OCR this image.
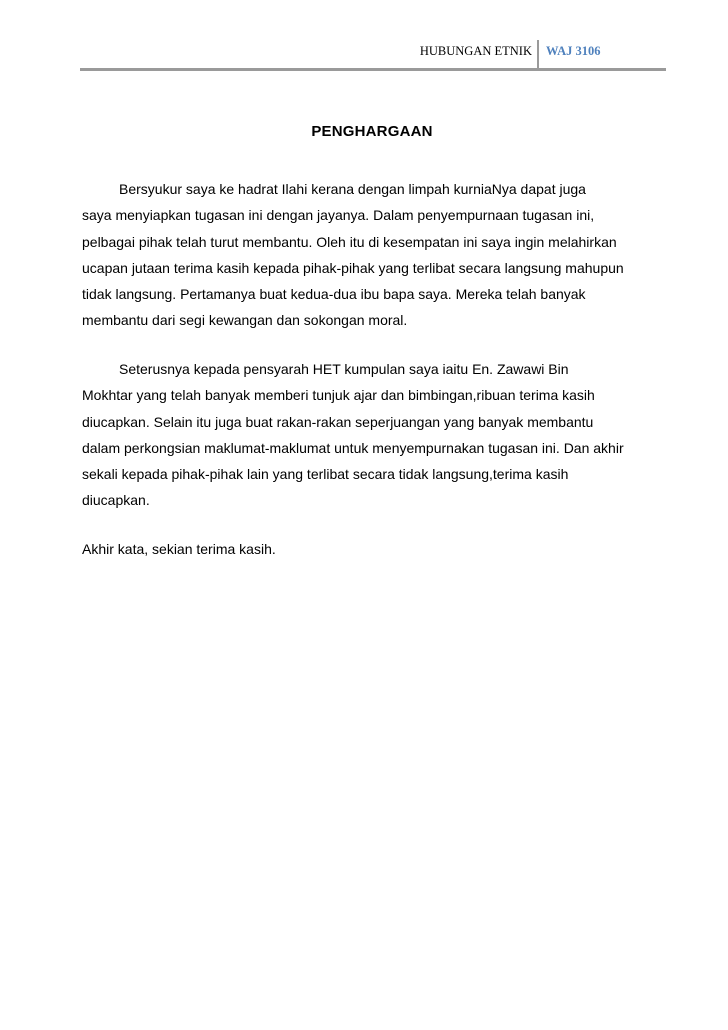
HUBUNGAN ETNIK WAJ 3106
PENGHARGAAN

Bersyukur saya ke hadrat Ilahi kerana dengan limpah kurniaNya dapat juga
saya menyiapkan tugasan ini dengan jayanya. Dalam penyempurnaan tugasan ini,
pelbagai pihak telah turut membantu. Oleh itu di kesempatan ini saya ingin melahirkan
ucapan jutaan terima kasih kepada pihak-pihak yang terlibat secara langsung mahupun
tidak langsung. Pertamanya buat kedua-dua ibu bapa saya. Mereka telah banyak
membantu dari segi kewangan dan sokongan moral.

Seterusnya kepada pensyarah HET kumpulan saya iaitu En. Zawawi Bin
Mokhtar yang telah banyak memberi tunjuk ajar dan bimbingan,ribuan terima kasih
diucapkan. Selain itu juga buat rakan-rakan seperjuangan yang banyak membantu
dalam perkongsian maklumat-maklumat untuk menyempurnakan tugasan ini. Dan akhir
sekali kepada pihak-pihak lain yang terlibat secara tidak langsung,terima kasih
diucapkan.

Akhir kata, sekian terima kasih.
